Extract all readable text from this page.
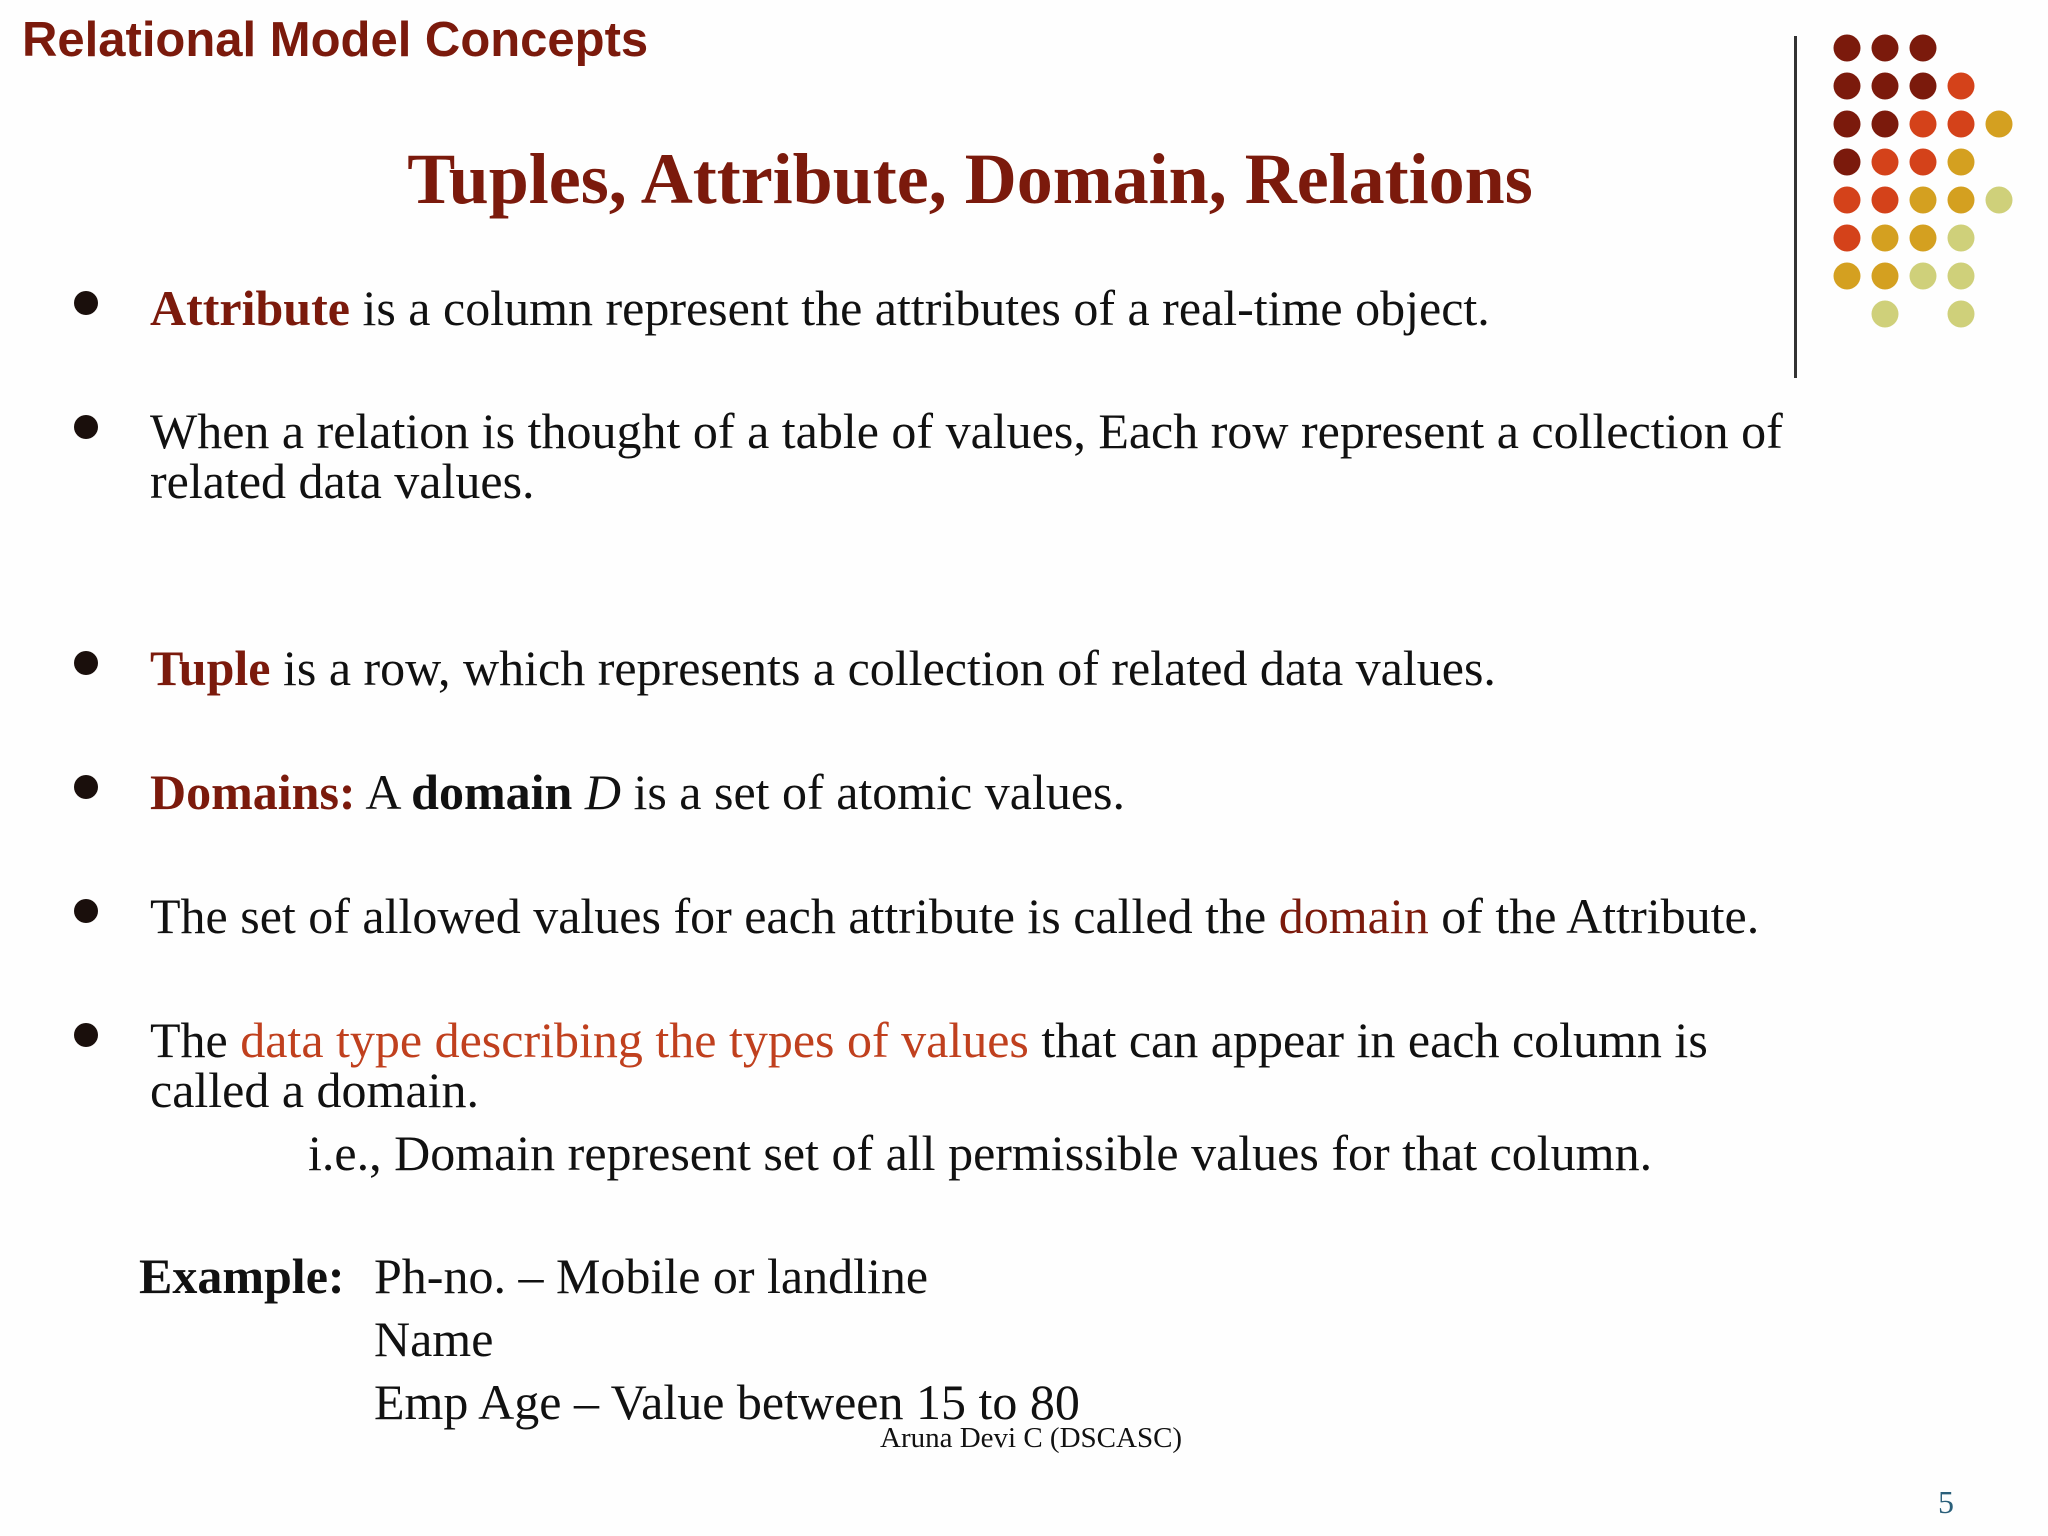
Relational Model Concepts
Tuples, Attribute, Domain, Relations
Attribute is a column represent the attributes of a real-time object.
When a relation is thought of a table of values, Each row represent a collection of
related data values.
Tuple is a row, which represents a collection of related data values.
Domains: A domain D is a set of atomic values.
The set of allowed values for each attribute is called the domain of the Attribute.
The data type describing the types of values that can appear in each column is
called a domain.
i.e., Domain represent set of all permissible values for that column.
Example: Ph-no. – Mobile or landline
Name
Emp Age – Value between 15 to 80
Aruna Devi C (DSCASC)
5
